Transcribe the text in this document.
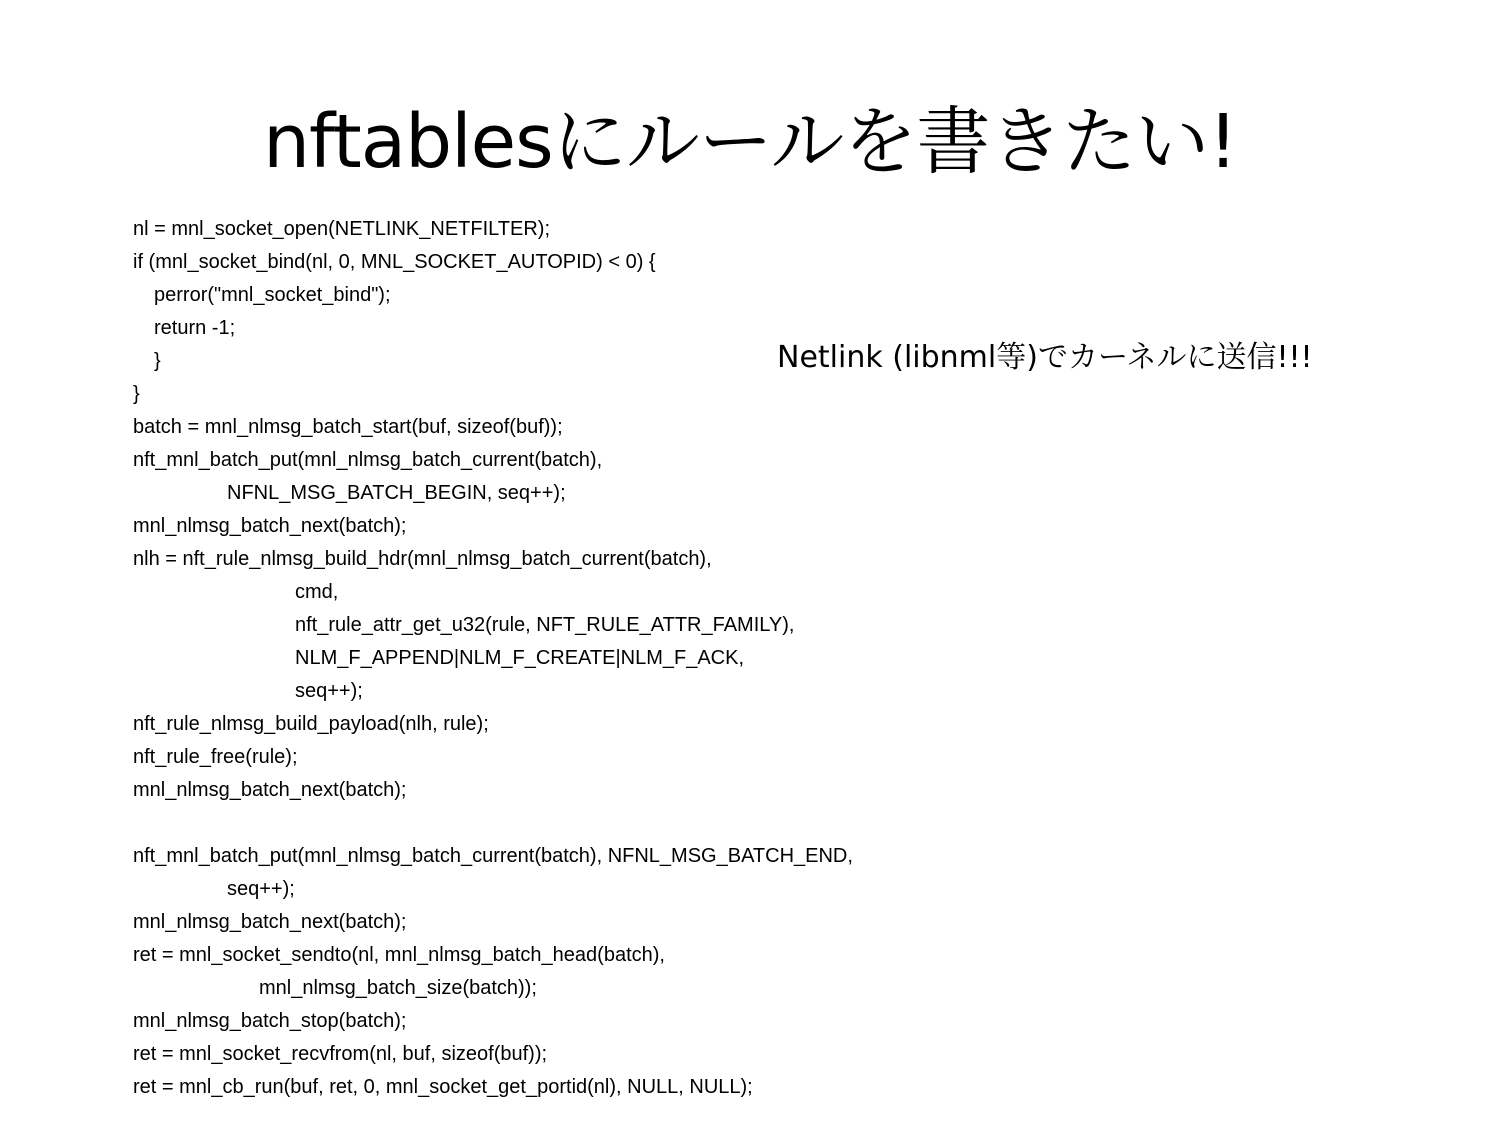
nftablesにルールを書きたい!
nl = mnl_socket_open(NETLINK_NETFILTER);
if (mnl_socket_bind(nl, 0, MNL_SOCKET_AUTOPID) < 0) {
perror("mnl_socket_bind");
return -1;
}
}
batch = mnl_nlmsg_batch_start(buf, sizeof(buf));
nft_mnl_batch_put(mnl_nlmsg_batch_current(batch),
NFNL_MSG_BATCH_BEGIN, seq++);
mnl_nlmsg_batch_next(batch);
nlh = nft_rule_nlmsg_build_hdr(mnl_nlmsg_batch_current(batch),
cmd,
nft_rule_attr_get_u32(rule, NFT_RULE_ATTR_FAMILY),
NLM_F_APPEND|NLM_F_CREATE|NLM_F_ACK,
seq++);
nft_rule_nlmsg_build_payload(nlh, rule);
nft_rule_free(rule);
mnl_nlmsg_batch_next(batch);
nft_mnl_batch_put(mnl_nlmsg_batch_current(batch), NFNL_MSG_BATCH_END,
seq++);
mnl_nlmsg_batch_next(batch);
ret = mnl_socket_sendto(nl, mnl_nlmsg_batch_head(batch),
mnl_nlmsg_batch_size(batch));
mnl_nlmsg_batch_stop(batch);
ret = mnl_socket_recvfrom(nl, buf, sizeof(buf));
ret = mnl_cb_run(buf, ret, 0, mnl_socket_get_portid(nl), NULL, NULL);
Netlink (libnml等)でカーネルに送信!!!
